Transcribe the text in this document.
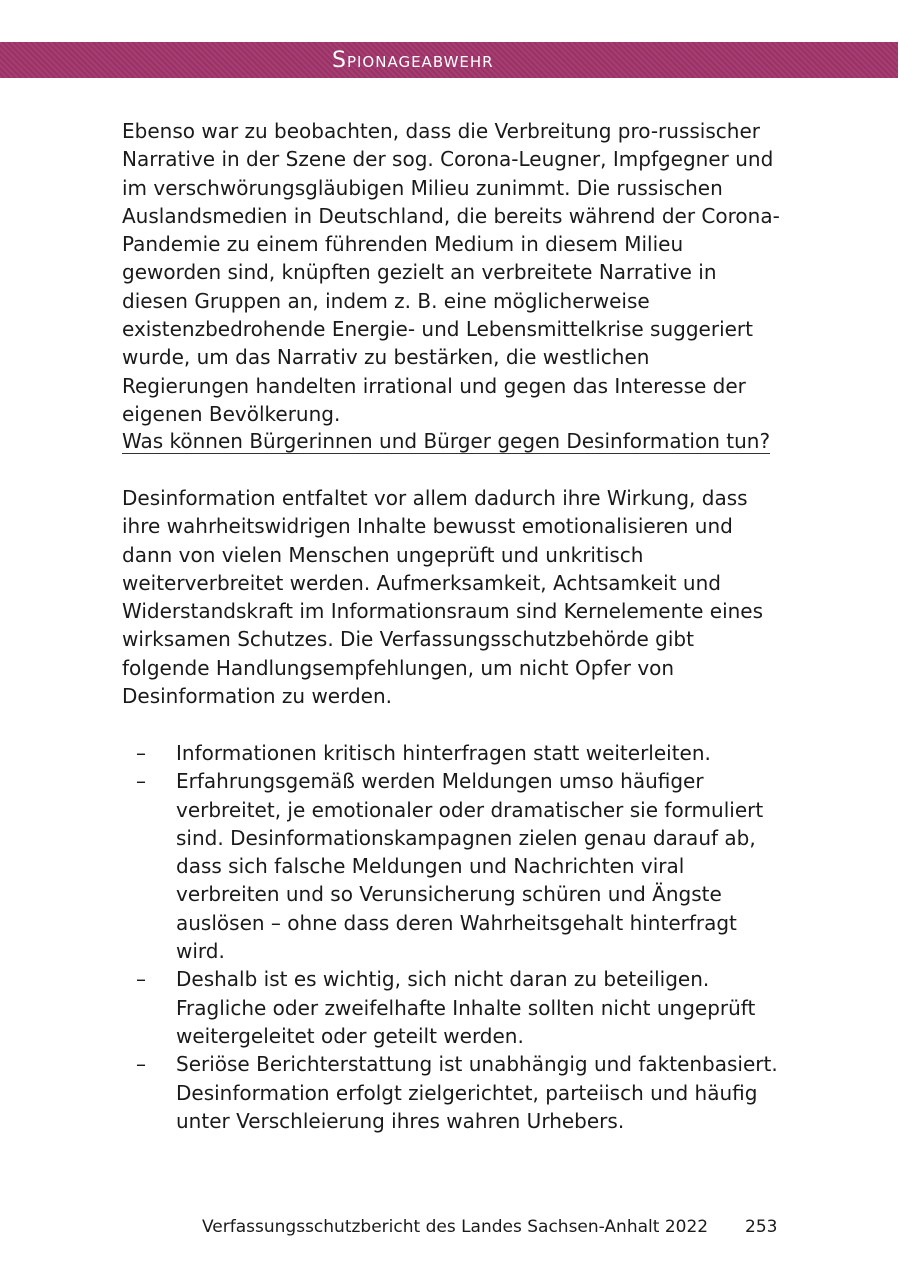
Spionageabwehr

Ebenso war zu beobachten, dass die Verbreitung pro-russischer Narrative in der Szene der sog. Corona-Leugner, Impfgegner und im verschwörungsgläubigen Milieu zunimmt. Die russischen Auslandsmedien in Deutschland, die bereits während der Corona-Pandemie zu einem führenden Medium in diesem Milieu geworden sind, knüpften gezielt an verbreitete Narrative in diesen Gruppen an, indem z. B. eine möglicherweise existenzbedrohende Energie- und Lebensmittelkrise suggeriert wurde, um das Narrativ zu bestärken, die westlichen Regierungen handelten irrational und gegen das Interesse der eigenen Bevölkerung.

Was können Bürgerinnen und Bürger gegen Desinformation tun?

Desinformation entfaltet vor allem dadurch ihre Wirkung, dass ihre wahrheitswidrigen Inhalte bewusst emotionalisieren und dann von vielen Menschen ungeprüft und unkritisch weiterverbreitet werden. Aufmerksamkeit, Achtsamkeit und Widerstandskraft im Informationsraum sind Kernelemente eines wirksamen Schutzes. Die Verfassungsschutzbehörde gibt folgende Handlungsempfehlungen, um nicht Opfer von Desinformation zu werden.

– Informationen kritisch hinterfragen statt weiterleiten.
– Erfahrungsgemäß werden Meldungen umso häufiger verbreitet, je emotionaler oder dramatischer sie formuliert sind. Desinformationskampagnen zielen genau darauf ab, dass sich falsche Meldungen und Nachrichten viral verbreiten und so Verunsicherung schüren und Ängste auslösen – ohne dass deren Wahrheitsgehalt hinterfragt wird.
– Deshalb ist es wichtig, sich nicht daran zu beteiligen. Fragliche oder zweifelhafte Inhalte sollten nicht ungeprüft weitergeleitet oder geteilt werden.
– Seriöse Berichterstattung ist unabhängig und faktenbasiert. Desinformation erfolgt zielgerichtet, parteiisch und häufig unter Verschleierung ihres wahren Urhebers.
Verfassungsschutzbericht des Landes Sachsen-Anhalt 2022 253
